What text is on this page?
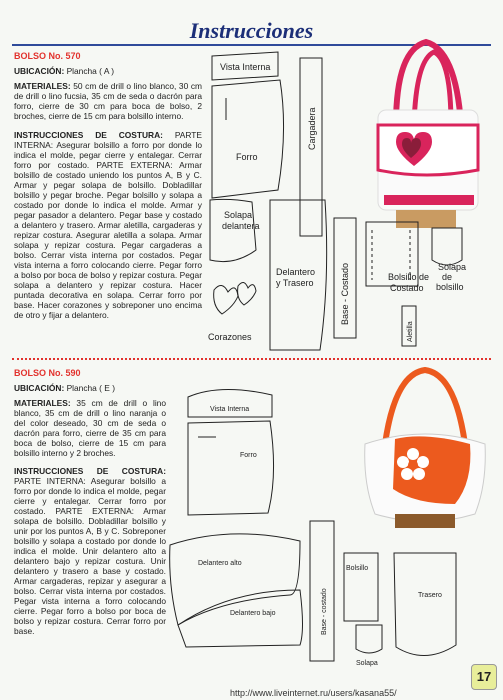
Instrucciones
BOLSO No. 570
UBICACIÓN: Plancha ( A )
MATERIALES: 50 cm de drill o lino blanco, 30 cm de drill o lino fucsia, 35 cm de seda o dacrón para forro, cierre de 30 cm para boca de bolso, 2 broches, cierre de 15 cm para bolsillo interno.
INSTRUCCIONES DE COSTURA: PARTE INTERNA: Asegurar bolsillo a forro por donde lo indica el molde, pegar cierre y entalegar. Cerrar forro por costado. PARTE EXTERNA: Armar bolsillo de costado uniendo los puntos A, B y C. Armar y pegar solapa de bolsillo. Dobladillar bolsillo y pegar broche. Pegar bolsillo y solapa a costado por donde lo indica el molde. Armar y pegar pasador a delantero. Pegar base y costado a delantero y trasero. Armar aletilla, cargaderas y repizar costura. Asegurar aletilla a solapa. Armar solapa y repizar costura. Pegar cargaderas a bolso. Cerrar vista interna por costados. Pegar vista interna a forro colocando cierre. Pegar forro a bolso por boca de bolso y repizar costura. Pegar solapa a delantero y repizar costura. Hacer puntada decorativa en solapa. Cerrar forro por base. Hacer corazones y sobreponer uno encima de otro y fijar a delantero.
Vista Interna
Forro
Cargadera
Solapa
delantera
Delantero
y Trasero	Base - Costado	Bolsillo de
Costado
Solapa
de
bolsillo
Aletilla
Corazones
BOLSO No. 590
UBICACIÓN: Plancha ( E )
MATERIALES: 35 cm de drill o lino blanco, 35 cm de drill o lino naranja o del color deseado, 30 cm de seda o dacrón para forro, cierre de 35 cm para boca de bolso, cierre de 15 cm para bolsillo interno y 2 broches.
INSTRUCCIONES DE COSTURA: PARTE INTERNA: Asegurar bolsillo a forro por donde lo indica el molde, pegar cierre y entalegar. Cerrar forro por costado. PARTE EXTERNA: Armar solapa de bolsillo. Dobladillar bolsillo y unir por los puntos A, B y C. Sobreponer bolsillo y solapa a costado por donde lo indica el molde. Unir delantero alto a delantero bajo y repizar costura. Unir delantero y trasero a base y costado. Armar cargaderas, repizar y asegurar a bolso. Cerrar vista interna por costados. Pegar vista interna a forro colocando cierre. Pegar forro a bolso por boca de bolso y repizar costura. Cerrar forro por base.
Vista Interna
Forro
Delantero alto
Delantero bajo	Base - costado
Bolsillo
Trasero
Solapa
17
http://www.liveinternet.ru/users/kasana55/
